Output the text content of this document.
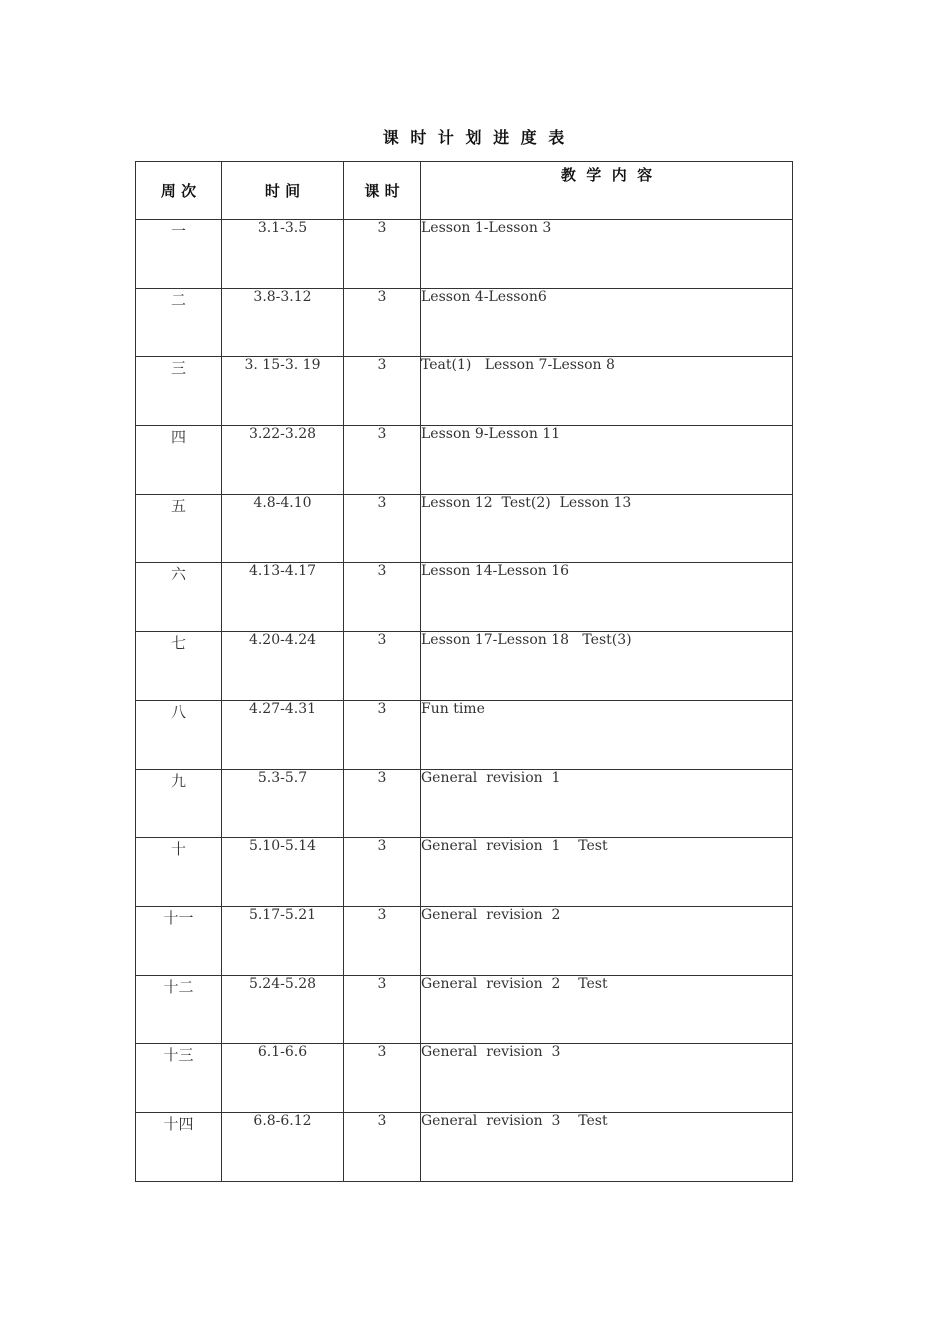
课 时 计 划 进 度 表
周 次	时 间	课 时	教  学  内  容
一	3.1-3.5	3	Lesson 1-Lesson 3
二	3.8-3.12	3	Lesson 4-Lesson6
三	3. 15-3. 19	3	Teat(1)   Lesson 7-Lesson 8
四	3.22-3.28	3	Lesson 9-Lesson 11
五	4.8-4.10	3	Lesson 12  Test(2)  Lesson 13
六	4.13-4.17	3	Lesson 14-Lesson 16
七	4.20-4.24	3	Lesson 17-Lesson 18   Test(3)
八	4.27-4.31	3	Fun time
九	5.3-5.7	3	General  revision  1
十	5.10-5.14	3	General  revision  1    Test
十一	5.17-5.21	3	General  revision  2
十二	5.24-5.28	3	General  revision  2    Test
十三	6.1-6.6	3	General  revision  3
十四	6.8-6.12	3	General  revision  3    Test
